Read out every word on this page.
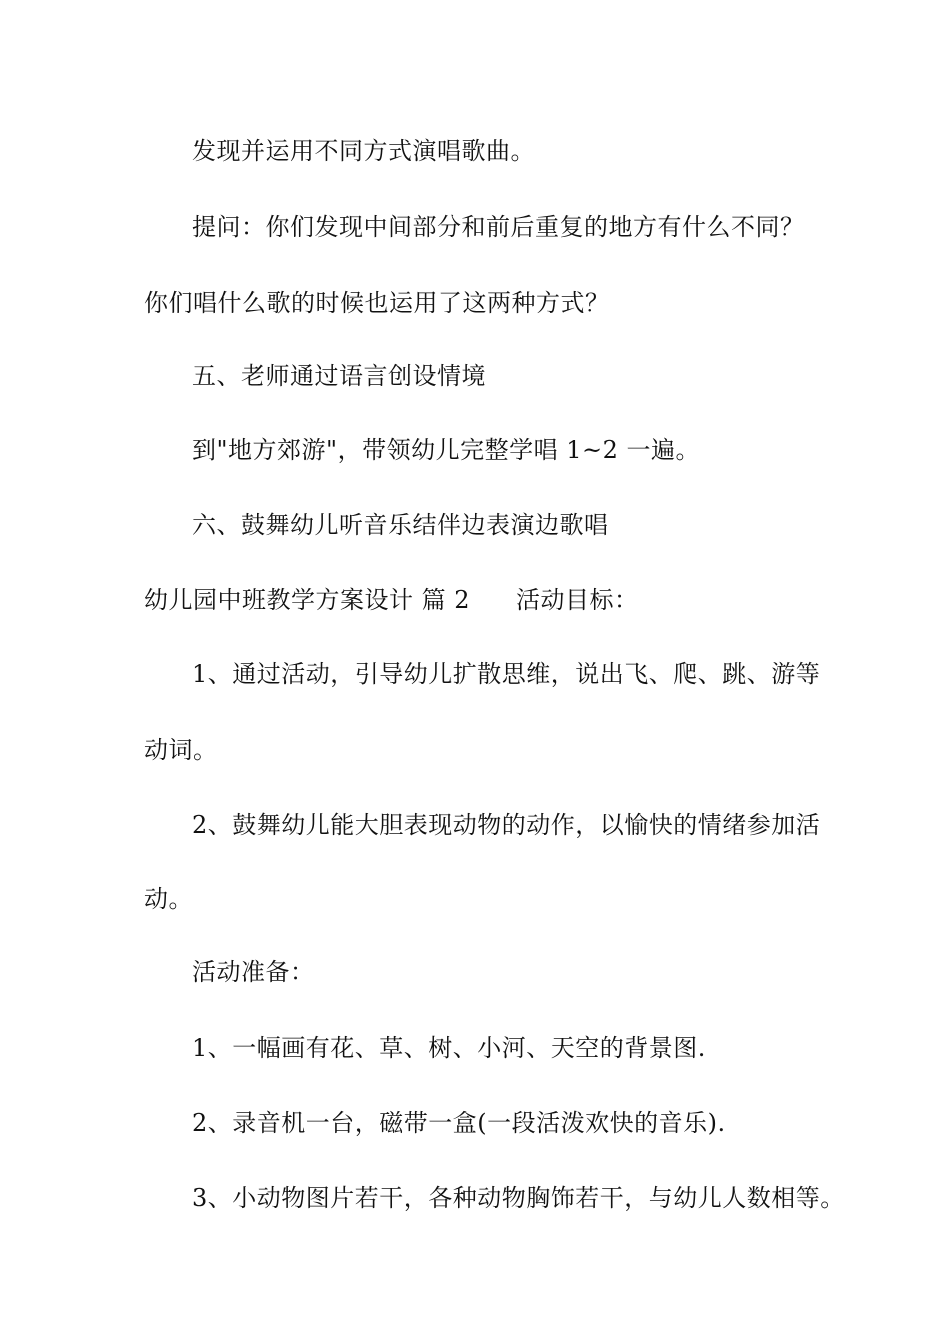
发现并运用不同方式演唱歌曲。
提问：你们发现中间部分和前后重复的地方有什么不同？
你们唱什么歌的时候也运用了这两种方式？
五、老师通过语言创设情境
到"地方郊游"，带领幼儿完整学唱 1~2 一遍。
六、鼓舞幼儿听音乐结伴边表演边歌唱
幼儿园中班教学方案设计 篇 2 活动目标：
1、通过活动，引导幼儿扩散思维，说出飞、爬、跳、游等
动词。
2、鼓舞幼儿能大胆表现动物的动作，以愉快的情绪参加活
动。
活动准备：
1、一幅画有花、草、树、小河、天空的背景图.
2、录音机一台，磁带一盒(一段活泼欢快的音乐).
3、小动物图片若干，各种动物胸饰若干，与幼儿人数相等。
